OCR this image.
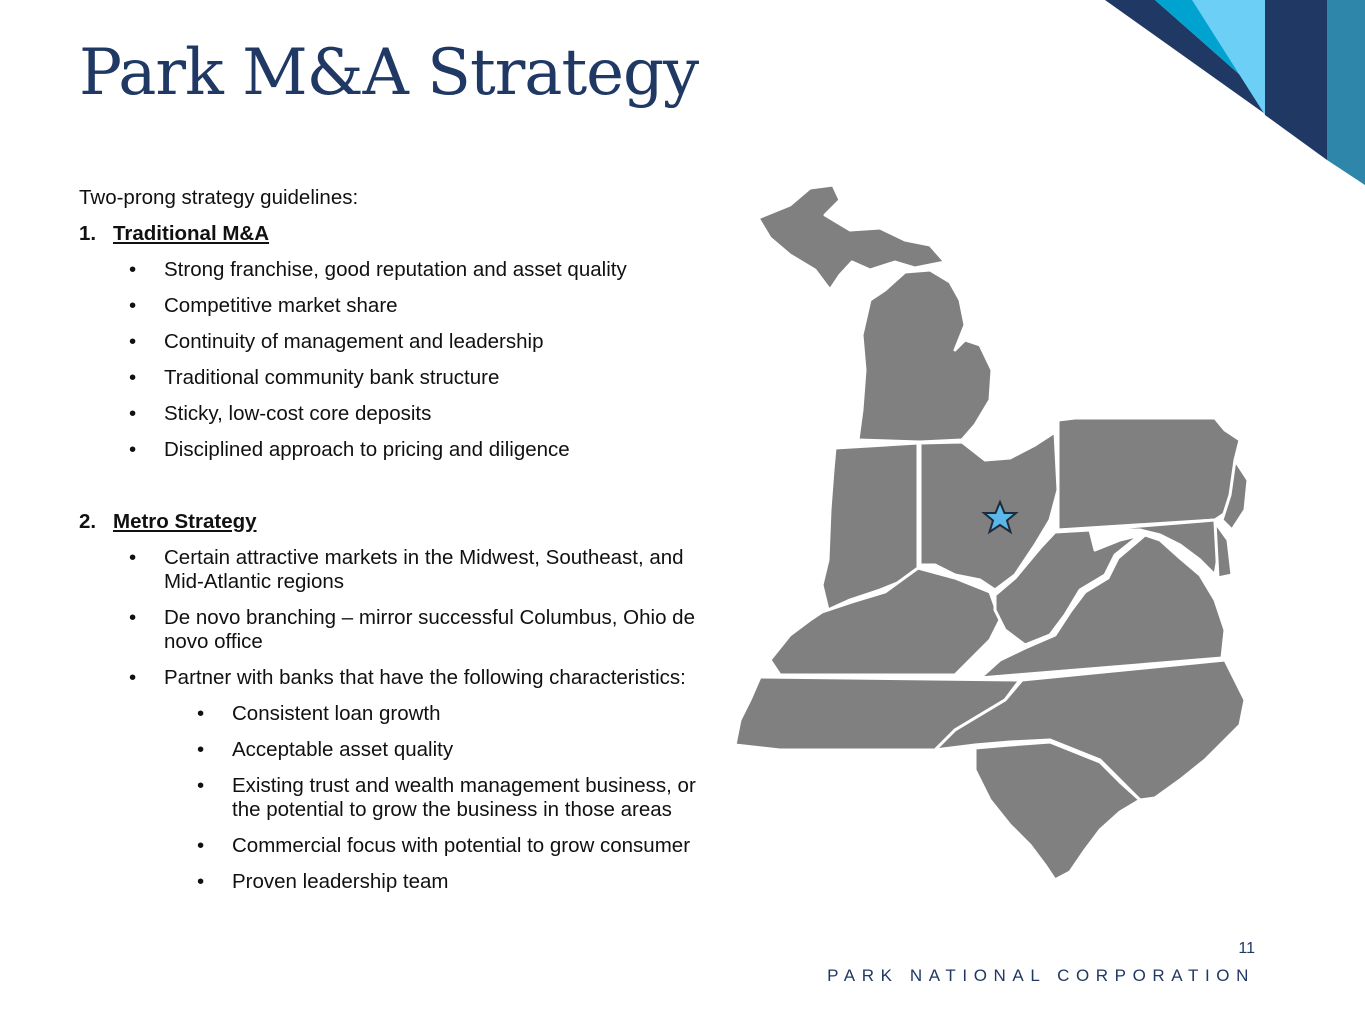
Park M&A Strategy

Two-prong strategy guidelines:

1. Traditional M&A
•	Strong franchise, good reputation and asset quality
•	Competitive market share
•	Continuity of management and leadership
•	Traditional community bank structure
•	Sticky, low-cost core deposits
•	Disciplined approach to pricing and diligence
2. Metro Strategy
•	Certain attractive markets in the Midwest, Southeast, and Mid-Atlantic regions
•	De novo branching – mirror successful Columbus, Ohio de novo office
•	Partner with banks that have the following characteristics:
•	Consistent loan growth
•	Acceptable asset quality
•	Existing trust and wealth management business, or the potential to grow the business in those areas
•	Commercial focus with potential to grow consumer
•	Proven leadership team
11
PARK NATIONAL CORPORATION
